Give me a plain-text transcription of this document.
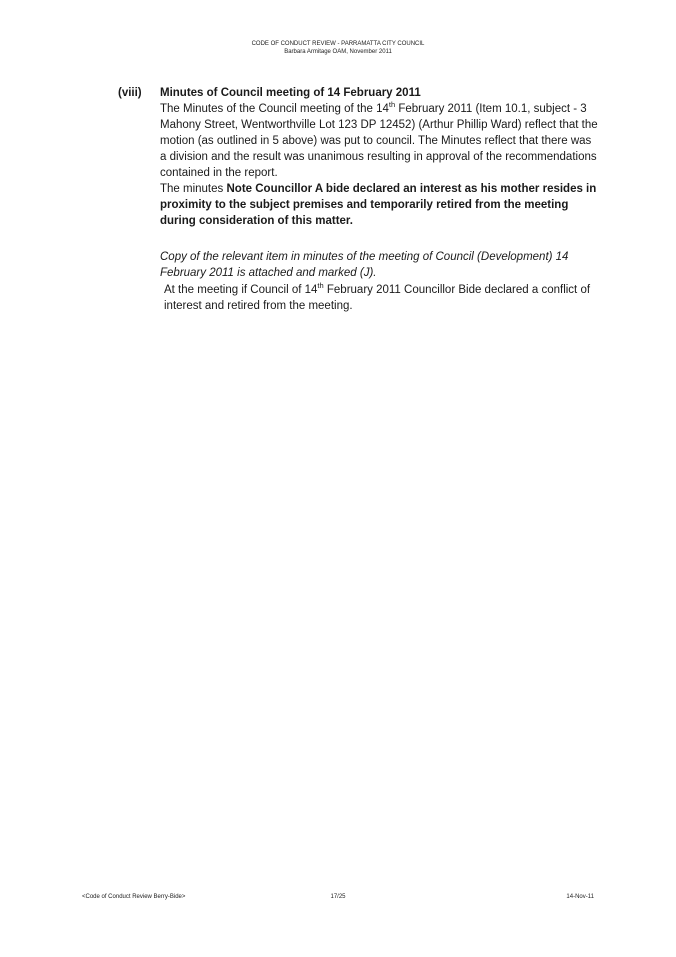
CODE OF CONDUCT REVIEW - PARRAMATTA CITY COUNCIL
Barbara Armitage OAM, November 2011
(viii) Minutes of Council meeting of 14 February 2011

The Minutes of the Council meeting of the 14th February 2011 (Item 10.1, subject - 3 Mahony Street, Wentworthville Lot 123 DP 12452) (Arthur Phillip Ward) reflect that the motion (as outlined in 5 above) was put to council. The Minutes reflect that there was a division and the result was unanimous resulting in approval of the recommendations contained in the report.

The minutes Note Councillor A bide declared an interest as his mother resides in proximity to the subject premises and temporarily retired from the meeting during consideration of this matter.

Copy of the relevant item in minutes of the meeting of Council (Development) 14 February 2011 is attached and marked (J).

At the meeting if Council of 14th February 2011 Councillor Bide declared a conflict of interest and retired from the meeting.

<Code of Conduct Review Berry-Bide>	17/25	14-Nov-11
